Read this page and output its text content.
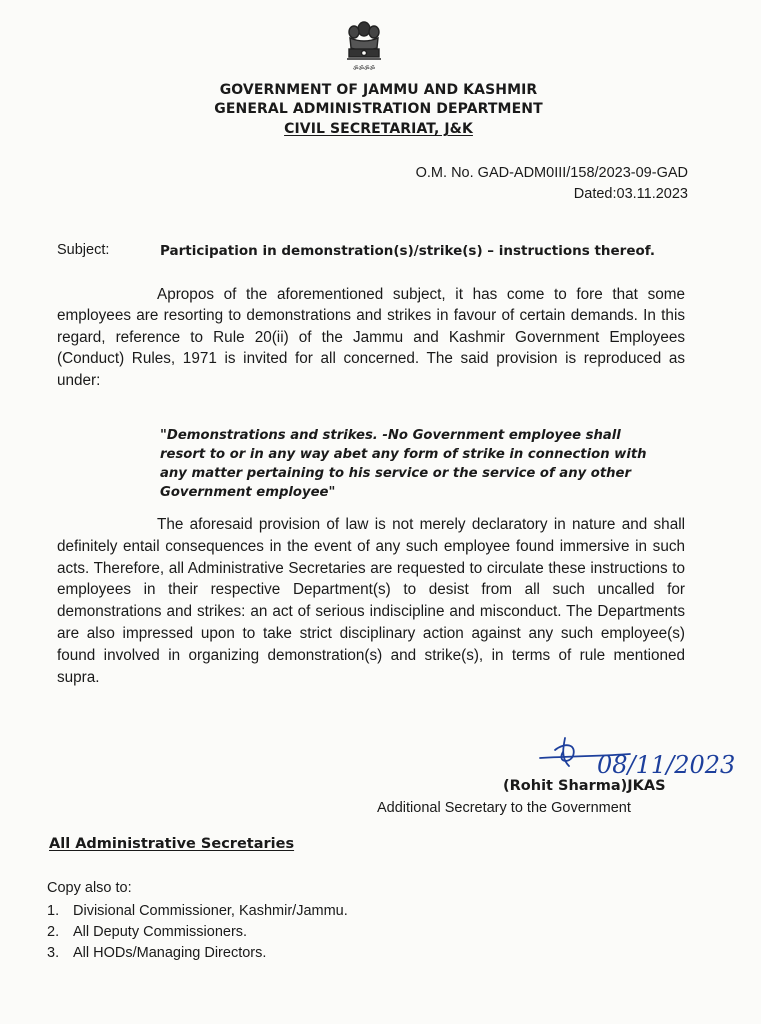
ॐॐॐॐ
GOVERNMENT OF JAMMU AND KASHMIR
GENERAL ADMINISTRATION DEPARTMENT
CIVIL SECRETARIAT, J&K
O.M. No. GAD-ADM0III/158/2023-09-GAD
Dated:03.11.2023
Subject:	Participation in demonstration(s)/strike(s) – instructions thereof.
Apropos of the aforementioned subject, it has come to fore that some employees are resorting to demonstrations and strikes in favour of certain demands. In this regard, reference to Rule 20(ii) of the Jammu and Kashmir Government Employees (Conduct) Rules, 1971 is invited for all concerned. The said provision is reproduced as under:
"Demonstrations and strikes. -No Government employee shall resort to or in any way abet any form of strike in connection with any matter pertaining to his service or the service of any other Government employee"
The aforesaid provision of law is not merely declaratory in nature and shall definitely entail consequences in the event of any such employee found immersive in such acts. Therefore, all Administrative Secretaries are requested to circulate these instructions to employees in their respective Department(s) to desist from all such uncalled for demonstrations and strikes: an act of serious indiscipline and misconduct. The Departments are also impressed upon to take strict disciplinary action against any such employee(s) found involved in organizing demonstration(s) and strike(s), in terms of rule mentioned supra.
08/11/2023
(Rohit Sharma)JKAS
Additional Secretary to the Government
All Administrative Secretaries
Copy also to:
1. Divisional Commissioner, Kashmir/Jammu.
2. All Deputy Commissioners.
3. All HODs/Managing Directors.
